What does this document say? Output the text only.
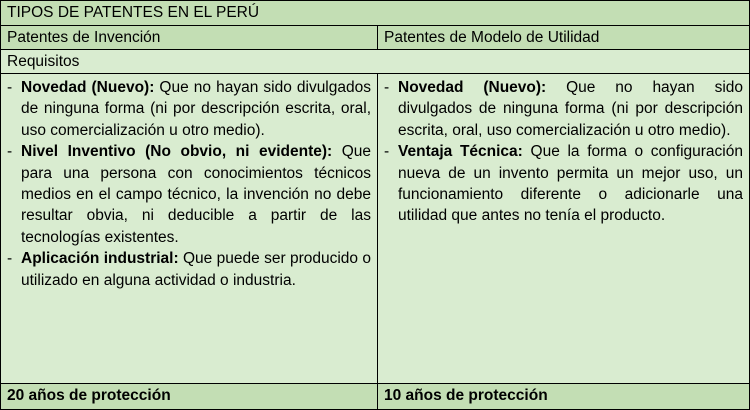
TIPOS DE PATENTES EN EL PERÚ
Patentes de Invención	Patentes de Modelo de Utilidad
Requisitos
- Novedad (Nuevo): Que no hayan sido divulgados de ninguna forma (ni por descripción escrita, oral, uso comercialización u otro medio).
- Nivel Inventivo (No obvio, ni evidente): Que para una persona con conocimientos técnicos medios en el campo técnico, la invención no debe resultar obvia, ni deducible a partir de las tecnologías existentes.
- Aplicación industrial: Que puede ser producido o utilizado en alguna actividad o industria.
- Novedad (Nuevo): Que no hayan sido divulgados de ninguna forma (ni por descripción escrita, oral, uso comercialización u otro medio).
- Ventaja Técnica: Que la forma o configuración nueva de un invento permita un mejor uso, un funcionamiento diferente o adicionarle una utilidad que antes no tenía el producto.
20 años de protección	10 años de protección
